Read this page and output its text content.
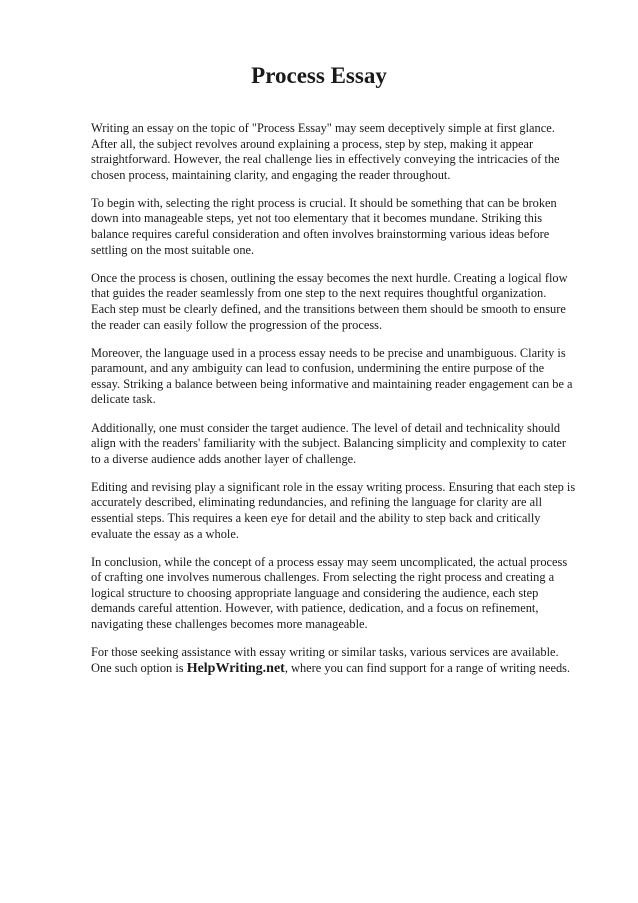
Process Essay

Writing an essay on the topic of "Process Essay" may seem deceptively simple at first glance.
After all, the subject revolves around explaining a process, step by step, making it appear
straightforward. However, the real challenge lies in effectively conveying the intricacies of the
chosen process, maintaining clarity, and engaging the reader throughout.

To begin with, selecting the right process is crucial. It should be something that can be broken
down into manageable steps, yet not too elementary that it becomes mundane. Striking this
balance requires careful consideration and often involves brainstorming various ideas before
settling on the most suitable one.

Once the process is chosen, outlining the essay becomes the next hurdle. Creating a logical flow
that guides the reader seamlessly from one step to the next requires thoughtful organization.
Each step must be clearly defined, and the transitions between them should be smooth to ensure
the reader can easily follow the progression of the process.

Moreover, the language used in a process essay needs to be precise and unambiguous. Clarity is
paramount, and any ambiguity can lead to confusion, undermining the entire purpose of the
essay. Striking a balance between being informative and maintaining reader engagement can be a
delicate task.

Additionally, one must consider the target audience. The level of detail and technicality should
align with the readers' familiarity with the subject. Balancing simplicity and complexity to cater
to a diverse audience adds another layer of challenge.

Editing and revising play a significant role in the essay writing process. Ensuring that each step is
accurately described, eliminating redundancies, and refining the language for clarity are all
essential steps. This requires a keen eye for detail and the ability to step back and critically
evaluate the essay as a whole.

In conclusion, while the concept of a process essay may seem uncomplicated, the actual process
of crafting one involves numerous challenges. From selecting the right process and creating a
logical structure to choosing appropriate language and considering the audience, each step
demands careful attention. However, with patience, dedication, and a focus on refinement,
navigating these challenges becomes more manageable.

For those seeking assistance with essay writing or similar tasks, various services are available.
One such option is HelpWriting.net, where you can find support for a range of writing needs.
